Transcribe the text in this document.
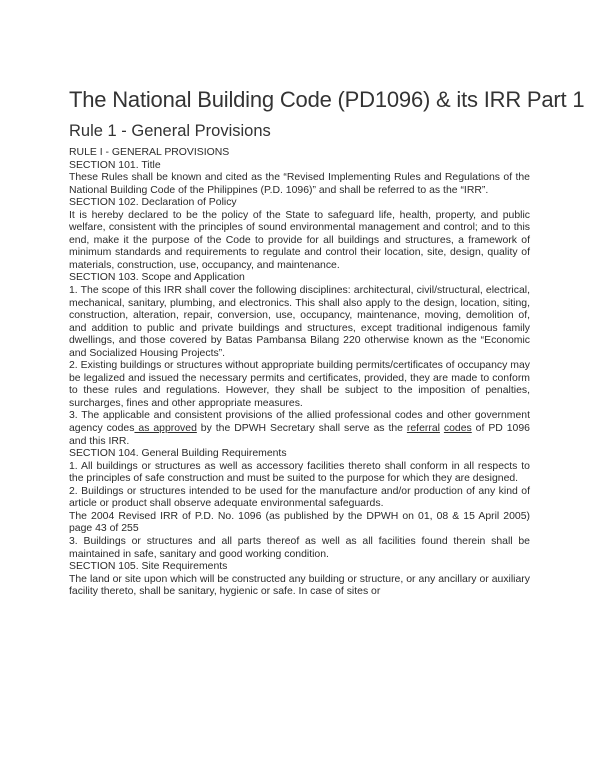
The National Building Code (PD1096) & its IRR Part 1
Rule 1 - General Provisions

RULE I - GENERAL PROVISIONS

SECTION 101. Title

These Rules shall be known and cited as the “Revised Implementing Rules and Regulations of the National Building Code of the Philippines (P.D. 1096)” and shall be referred to as the “IRR”.

SECTION 102. Declaration of Policy

It is hereby declared to be the policy of the State to safeguard life, health, property, and public welfare, consistent with the principles of sound environmental management and control; and to this end, make it the purpose of the Code to provide for all buildings and structures, a framework of minimum standards and requirements to regulate and control their location, site, design, quality of materials, construction, use, occupancy, and maintenance.

SECTION 103. Scope and Application

1. The scope of this IRR shall cover the following disciplines: architectural, civil/structural, electrical, mechanical, sanitary, plumbing, and electronics. This shall also apply to the design, location, siting, construction, alteration, repair, conversion, use, occupancy, maintenance, moving, demolition of, and addition to public and private buildings and structures, except traditional indigenous family dwellings, and those covered by Batas Pambansa Bilang 220 otherwise known as the “Economic and Socialized Housing Projects”.

2. Existing buildings or structures without appropriate building permits/certificates of occupancy may be legalized and issued the necessary permits and certificates, provided, they are made to conform to these rules and regulations. However, they shall be subject to the imposition of penalties, surcharges, fines and other appropriate measures.

3. The applicable and consistent provisions of the allied professional codes and other government agency codes as approved by the DPWH Secretary shall serve as the referral codes of PD 1096 and this IRR.

SECTION 104. General Building Requirements

1. All buildings or structures as well as accessory facilities thereto shall conform in all respects to the principles of safe construction and must be suited to the purpose for which they are designed.

2. Buildings or structures intended to be used for the manufacture and/or production of any kind of article or product shall observe adequate environmental safeguards.

The 2004 Revised IRR of P.D. No. 1096 (as published by the DPWH on 01, 08 & 15 April 2005) page 43 of 255

3. Buildings or structures and all parts thereof as well as all facilities found therein shall be maintained in safe, sanitary and good working condition.

SECTION 105. Site Requirements

The land or site upon which will be constructed any building or structure, or any ancillary or auxiliary facility thereto, shall be sanitary, hygienic or safe. In case of sites or
